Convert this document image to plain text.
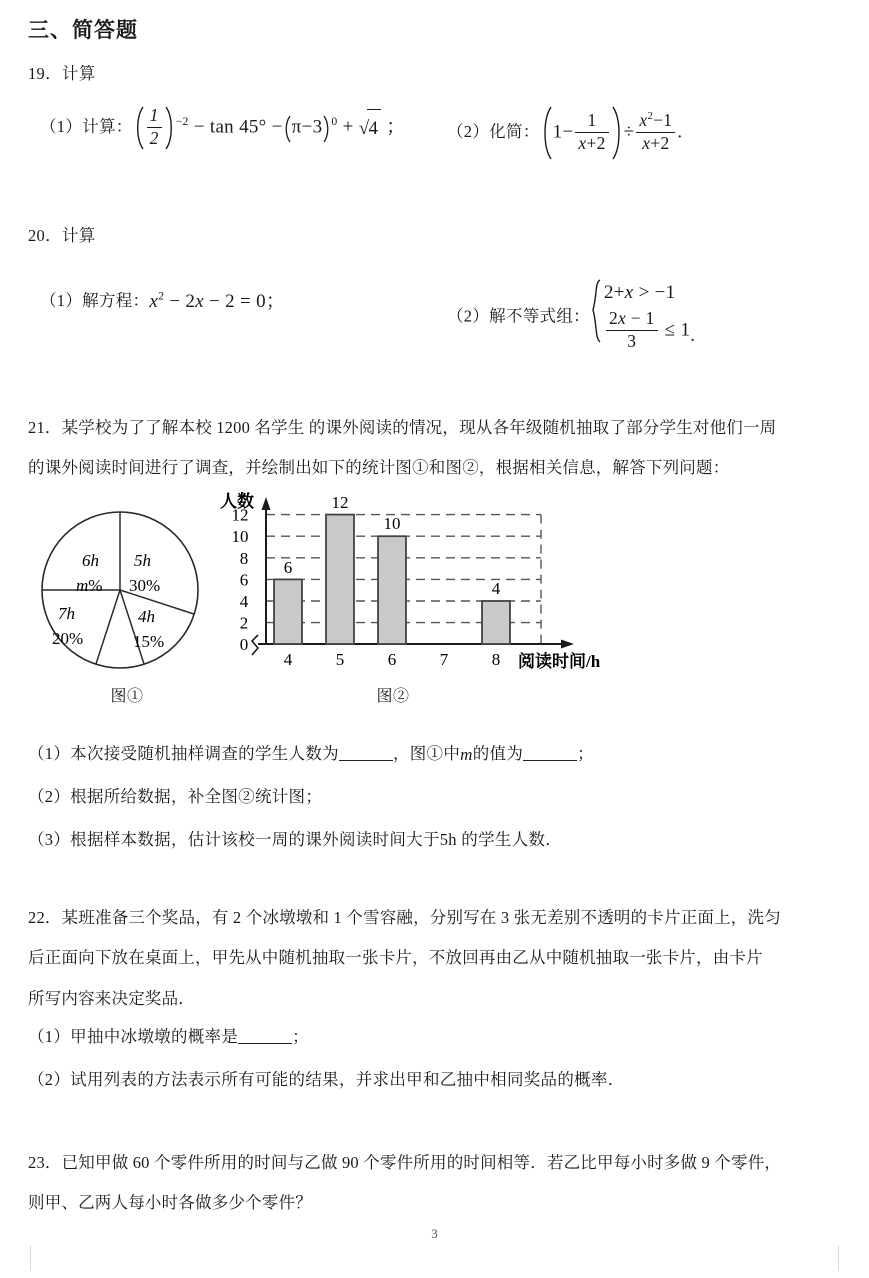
三、简答题
19．计算
（1）计算： $\frac{1}{2} ^{-2} - \tan 45^\circ - \pi-3$ $^0$ + √4 ；	（2）化简： $1- \frac{1}{x+2} \div \frac{x^2-1}{x+2}$ .
20．计算
（1）解方程：$x^2 - 2x - 2 = 0$；
（2）解不等式组：
2+x > −1
$\frac{2x - 1}{3} \le 1$ .
21．某学校为了了解本校 1200 名学生 的课外阅读的情况，现从各年级随机抽取了部分学生对他们一周
的课外阅读时间进行了调查，并绘制出如下的统计图①和图②，根据相关信息，解答下列问题：
6h
m%
5h
30%
7h
20%
4h
15%
图①
人数
0
2
4
6
8
10
12
6
12
10
4
4	5	6	7	8 阅读时间/h
图②
（1）本次接受随机抽样调查的学生人数为	，图①中m的值为	；
（2）根据所给数据，补全图②统计图；
（3）根据样本数据，估计该校一周的课外阅读时间大于5h 的学生人数．
22．某班准备三个奖品，有 2 个冰墩墩和 1 个雪容融，分别写在 3 张无差别不透明的卡片正面上，洗匀
后正面向下放在桌面上，甲先从中随机抽取一张卡片，不放回再由乙从中随机抽取一张卡片，由卡片
所写内容来决定奖品．
（1）甲抽中冰墩墩的概率是	；
（2）试用列表的方法表示所有可能的结果，并求出甲和乙抽中相同奖品的概率．
23．已知甲做 60 个零件所用的时间与乙做 90 个零件所用的时间相等．若乙比甲每小时多做 9 个零件，
则甲、乙两人每小时各做多少个零件？
3
